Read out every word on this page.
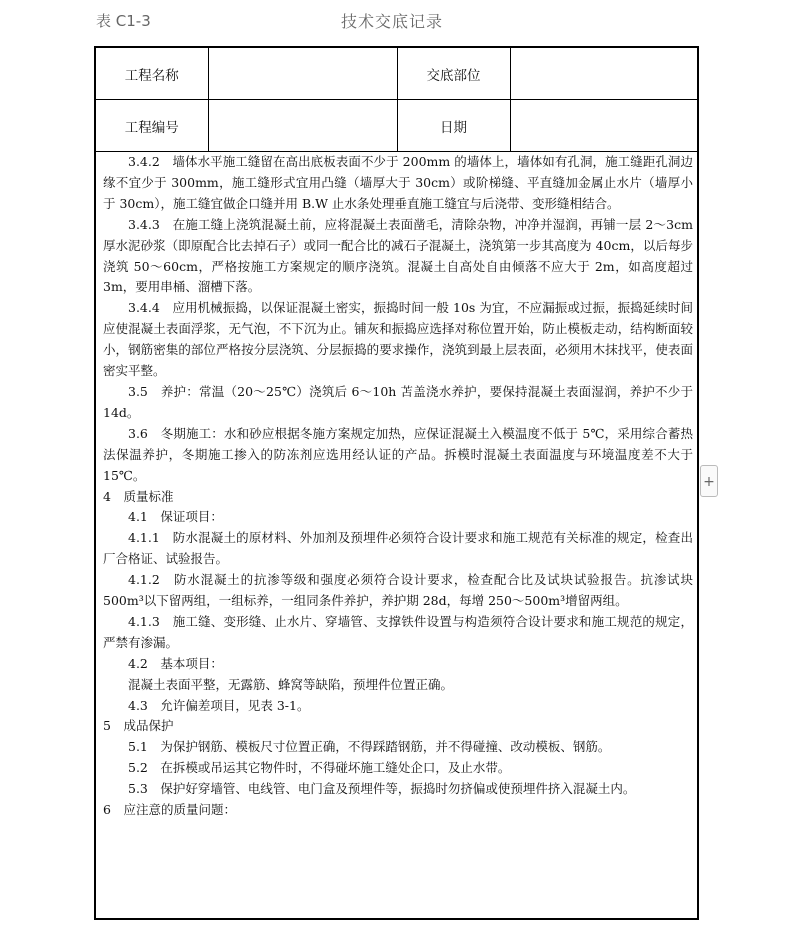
表 C1-3	技术交底记录
工程名称		交底部位	
工程编号		日期	

3.4.2　墙体水平施工缝留在高出底板表面不少于 200mm 的墙体上，墙体如有孔洞，施工缝距孔洞边缘不宜少于 300mm，施工缝形式宜用凸缝（墙厚大于 30cm）或阶梯缝、平直缝加金属止水片（墙厚小于 30cm），施工缝宜做企口缝并用 B.W 止水条处理垂直施工缝宜与后浇带、变形缝相结合。

3.4.3　在施工缝上浇筑混凝土前，应将混凝土表面凿毛，清除杂物，冲净并湿润，再铺一层 2～3cm 厚水泥砂浆（即原配合比去掉石子）或同一配合比的减石子混凝土，浇筑第一步其高度为 40cm，以后每步浇筑 50～60cm，严格按施工方案规定的顺序浇筑。混凝土自高处自由倾落不应大于 2m，如高度超过 3m，要用串桶、溜槽下落。

3.4.4　应用机械振捣，以保证混凝土密实，振捣时间一般 10s 为宜，不应漏振或过振，振捣延续时间应使混凝土表面浮浆，无气泡，不下沉为止。铺灰和振捣应选择对称位置开始，防止模板走动，结构断面较小，钢筋密集的部位严格按分层浇筑、分层振捣的要求操作，浇筑到最上层表面，必须用木抹找平，使表面密实平整。

3.5　养护：常温（20～25℃）浇筑后 6～10h 苫盖浇水养护，要保持混凝土表面湿润，养护不少于 14d。

3.6　冬期施工：水和砂应根据冬施方案规定加热，应保证混凝土入模温度不低于 5℃，采用综合蓄热法保温养护，冬期施工掺入的防冻剂应选用经认证的产品。拆模时混凝土表面温度与环境温度差不大于 15℃。

4　质量标准

4.1　保证项目：

4.1.1　防水混凝土的原材料、外加剂及预埋件必须符合设计要求和施工规范有关标准的规定，检查出厂合格证、试验报告。

4.1.2　防水混凝土的抗渗等级和强度必须符合设计要求，检查配合比及试块试验报告。抗渗试块 500m³以下留两组，一组标养，一组同条件养护，养护期 28d，每增 250～500m³增留两组。

4.1.3　施工缝、变形缝、止水片、穿墙管、支撑铁件设置与构造须符合设计要求和施工规范的规定，严禁有渗漏。

4.2　基本项目：

混凝土表面平整，无露筋、蜂窝等缺陷，预埋件位置正确。

4.3　允许偏差项目，见表 3-1。

5　成品保护

5.1　为保护钢筋、模板尺寸位置正确，不得踩踏钢筋，并不得碰撞、改动模板、钢筋。

5.2　在拆模或吊运其它物件时，不得碰坏施工缝处企口，及止水带。

5.3　保护好穿墙管、电线管、电门盒及预埋件等，振捣时勿挤偏或使预埋件挤入混凝土内。

6　应注意的质量问题：

+
